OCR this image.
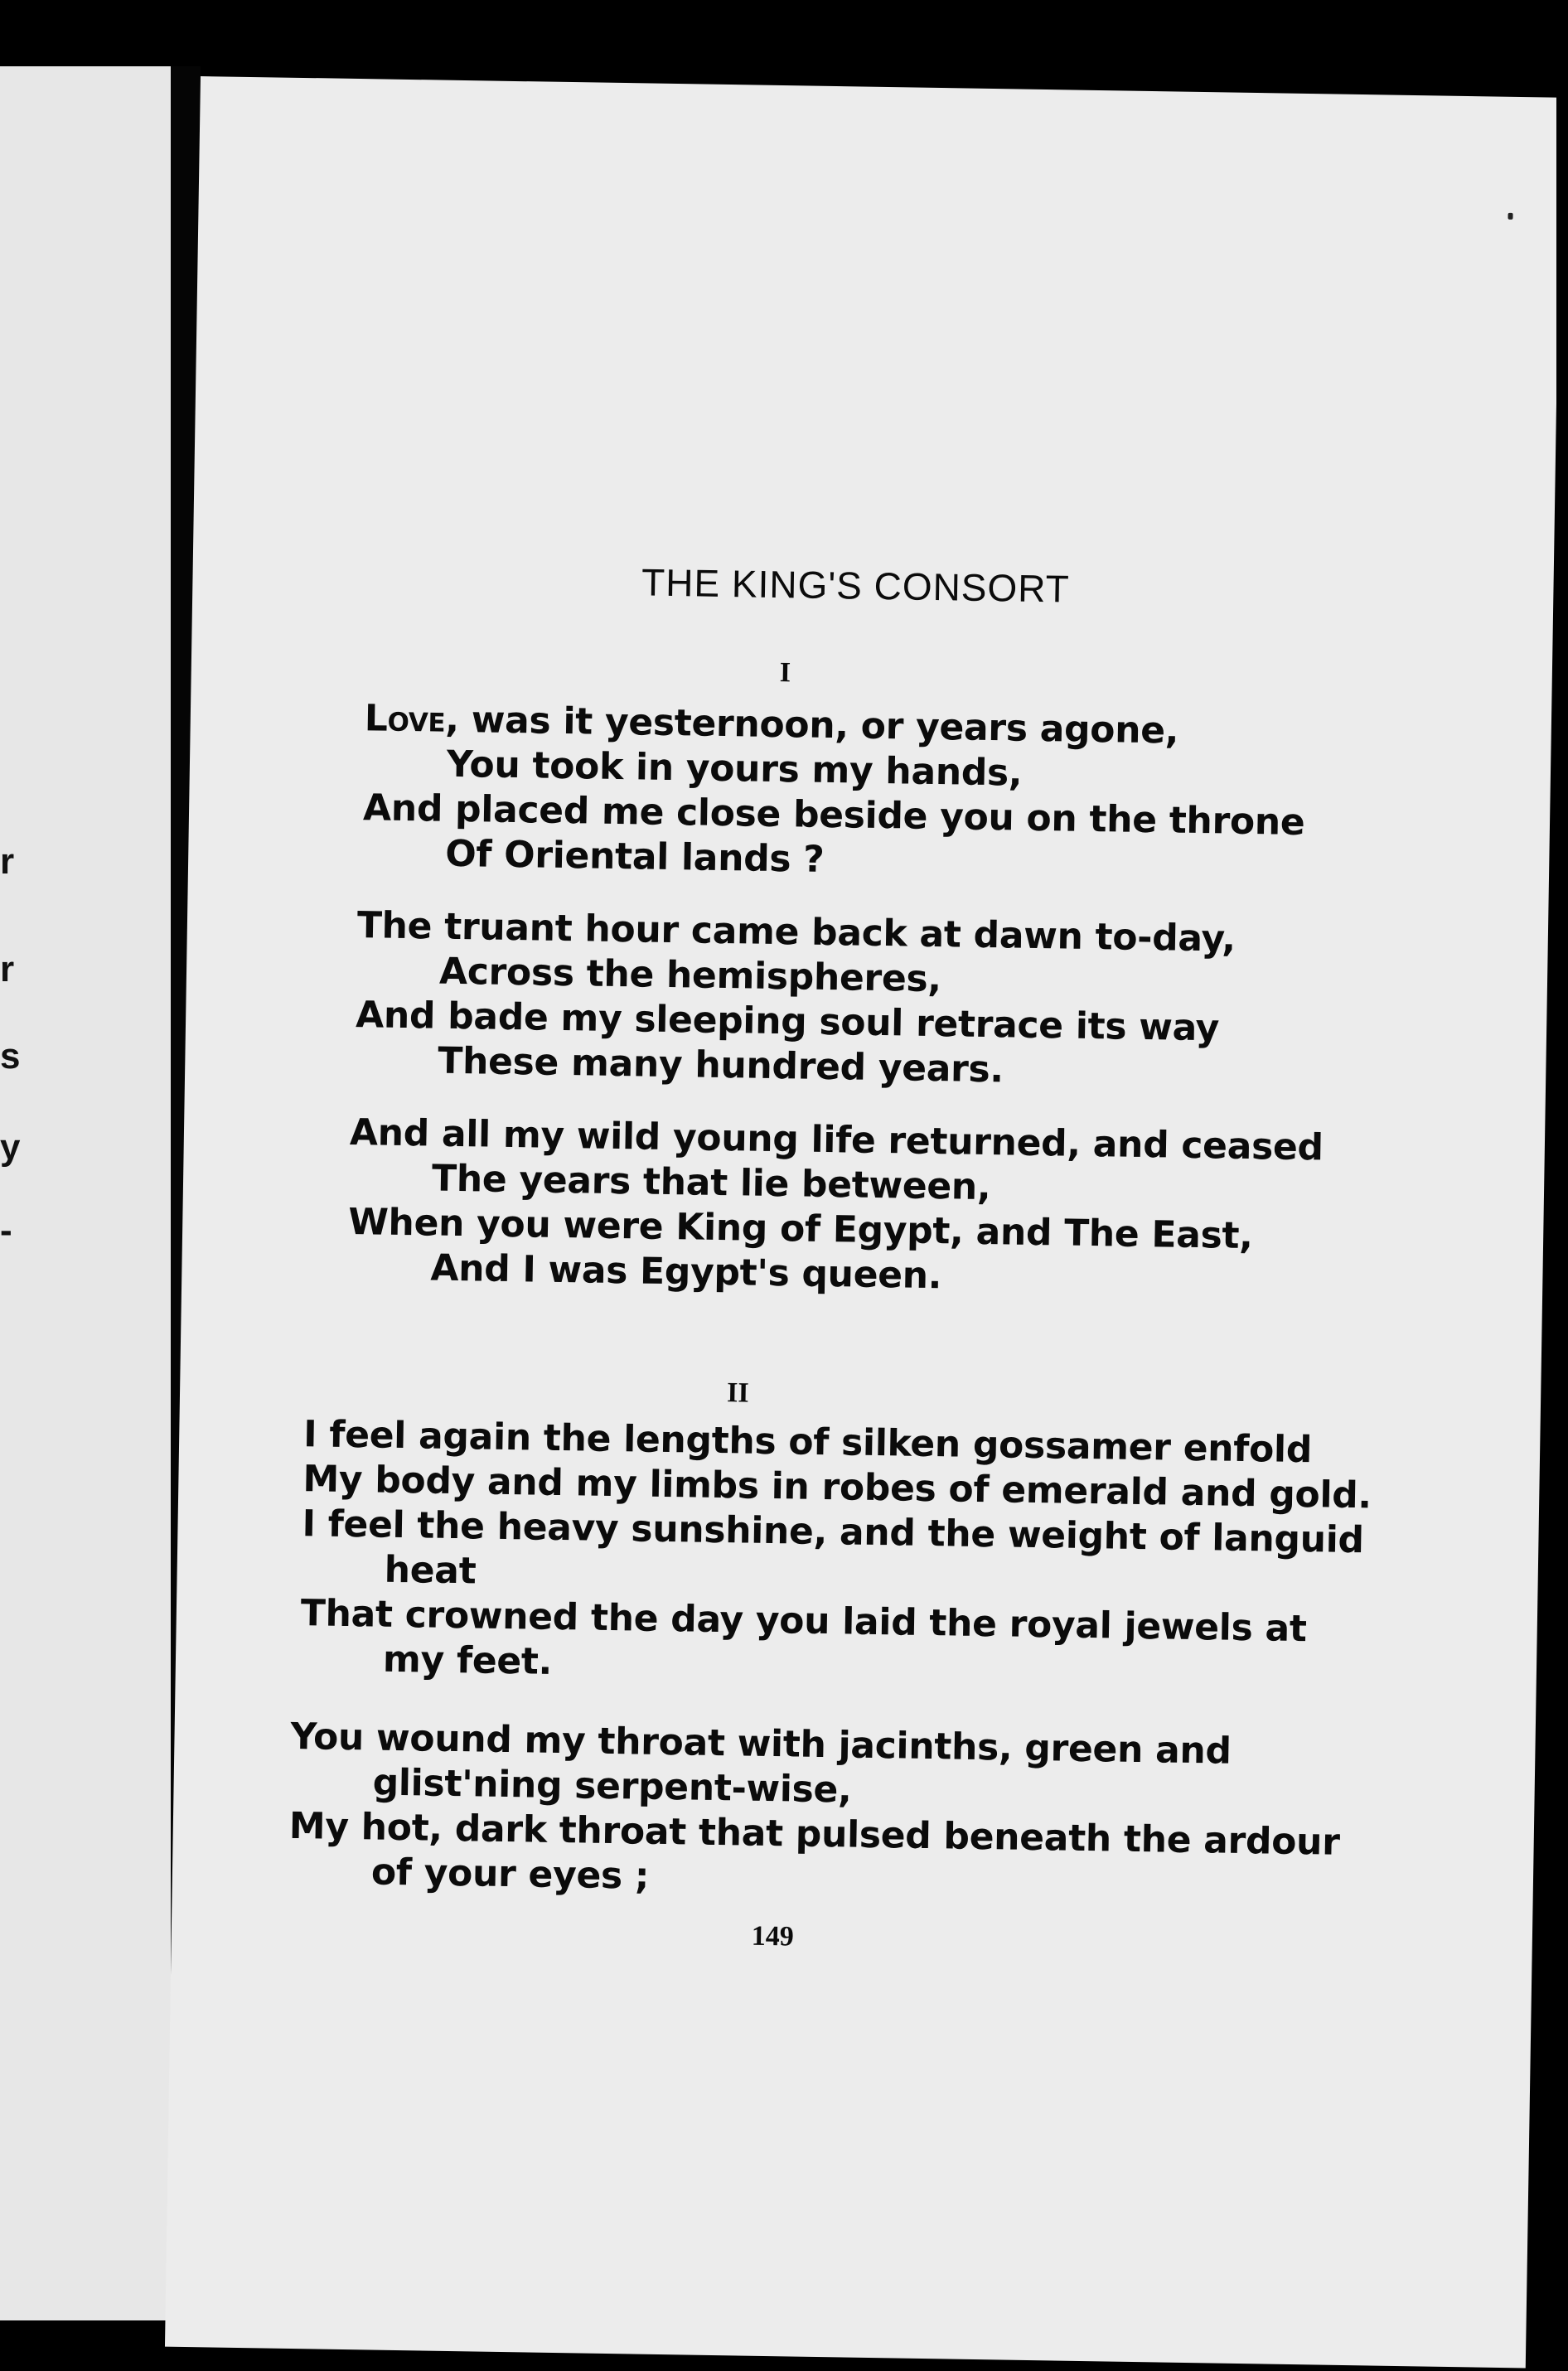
r
r
s
y
-
THE KING'S CONSORT
I
Love, was it yesternoon, or years agone,
You took in yours my hands,
And placed me close beside you on the throne
Of Oriental lands ?
The truant hour came back at dawn to-day,
Across the hemispheres,
And bade my sleeping soul retrace its way
These many hundred years.
And all my wild young life returned, and ceased
The years that lie between,
When you were King of Egypt, and The East,
And I was Egypt's queen.
II
I feel again the lengths of silken gossamer enfold
My body and my limbs in robes of emerald and gold.
I feel the heavy sunshine, and the weight of languid
heat
That crowned the day you laid the royal jewels at
my feet.
You wound my throat with jacinths, green and
glist'ning serpent-wise,
My hot, dark throat that pulsed beneath the ardour
of your eyes ;
149
